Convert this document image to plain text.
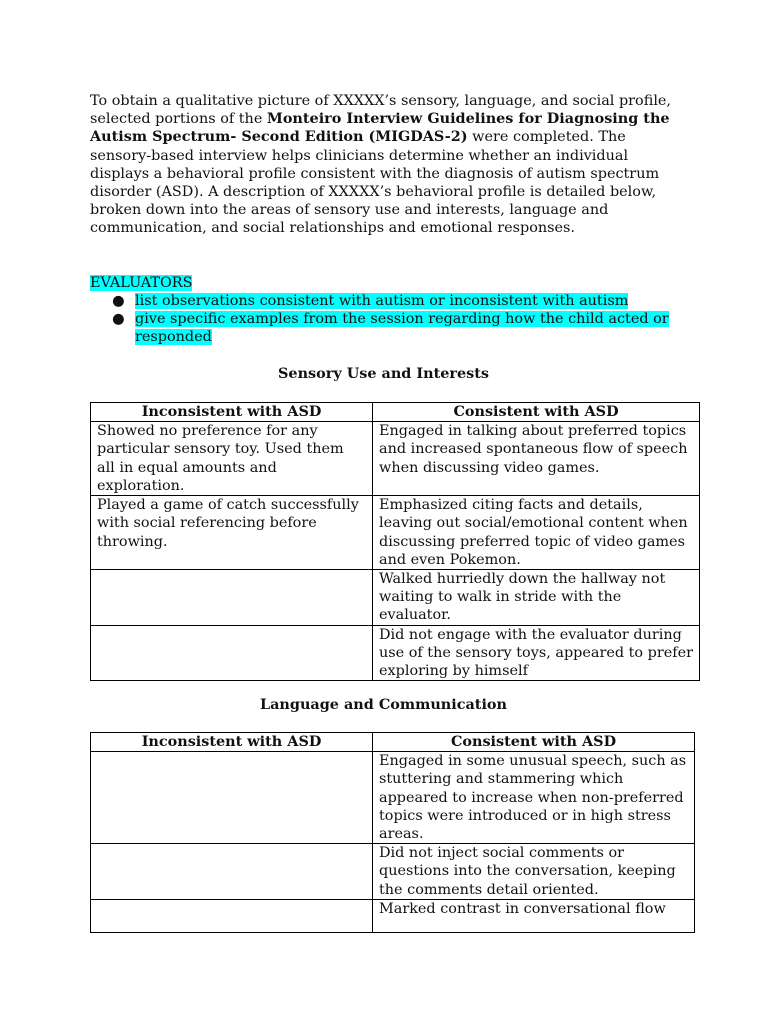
To obtain a qualitative picture of XXXXX’s sensory, language, and social profile, selected portions of the Monteiro Interview Guidelines for Diagnosing the Autism Spectrum- Second Edition (MIGDAS-2) were completed. The sensory-based interview helps clinicians determine whether an individual displays a behavioral profile consistent with the diagnosis of autism spectrum disorder (ASD). A description of XXXXX’s behavioral profile is detailed below, broken down into the areas of sensory use and interests, language and communication, and social relationships and emotional responses.

EVALUATORS
● list observations consistent with autism or inconsistent with autism
● give specific examples from the session regarding how the child acted or responded
Sensory Use and Interests
Inconsistent with ASD	Consistent with ASD
Showed no preference for any particular sensory toy. Used them all in equal amounts and exploration.	Engaged in talking about preferred topics and increased spontaneous flow of speech when discussing video games.
Played a game of catch successfully with social referencing before throwing.	Emphasized citing facts and details, leaving out social/emotional content when discussing preferred topic of video games and even Pokemon.
	Walked hurriedly down the hallway not waiting to walk in stride with the evaluator.
	Did not engage with the evaluator during use of the sensory toys, appeared to prefer exploring by himself
Language and Communication
Inconsistent with ASD	Consistent with ASD
	Engaged in some unusual speech, such as stuttering and stammering which appeared to increase when non-preferred topics were introduced or in high stress areas.
	Did not inject social comments or questions into the conversation, keeping the comments detail oriented.
	Marked contrast in conversational flow
